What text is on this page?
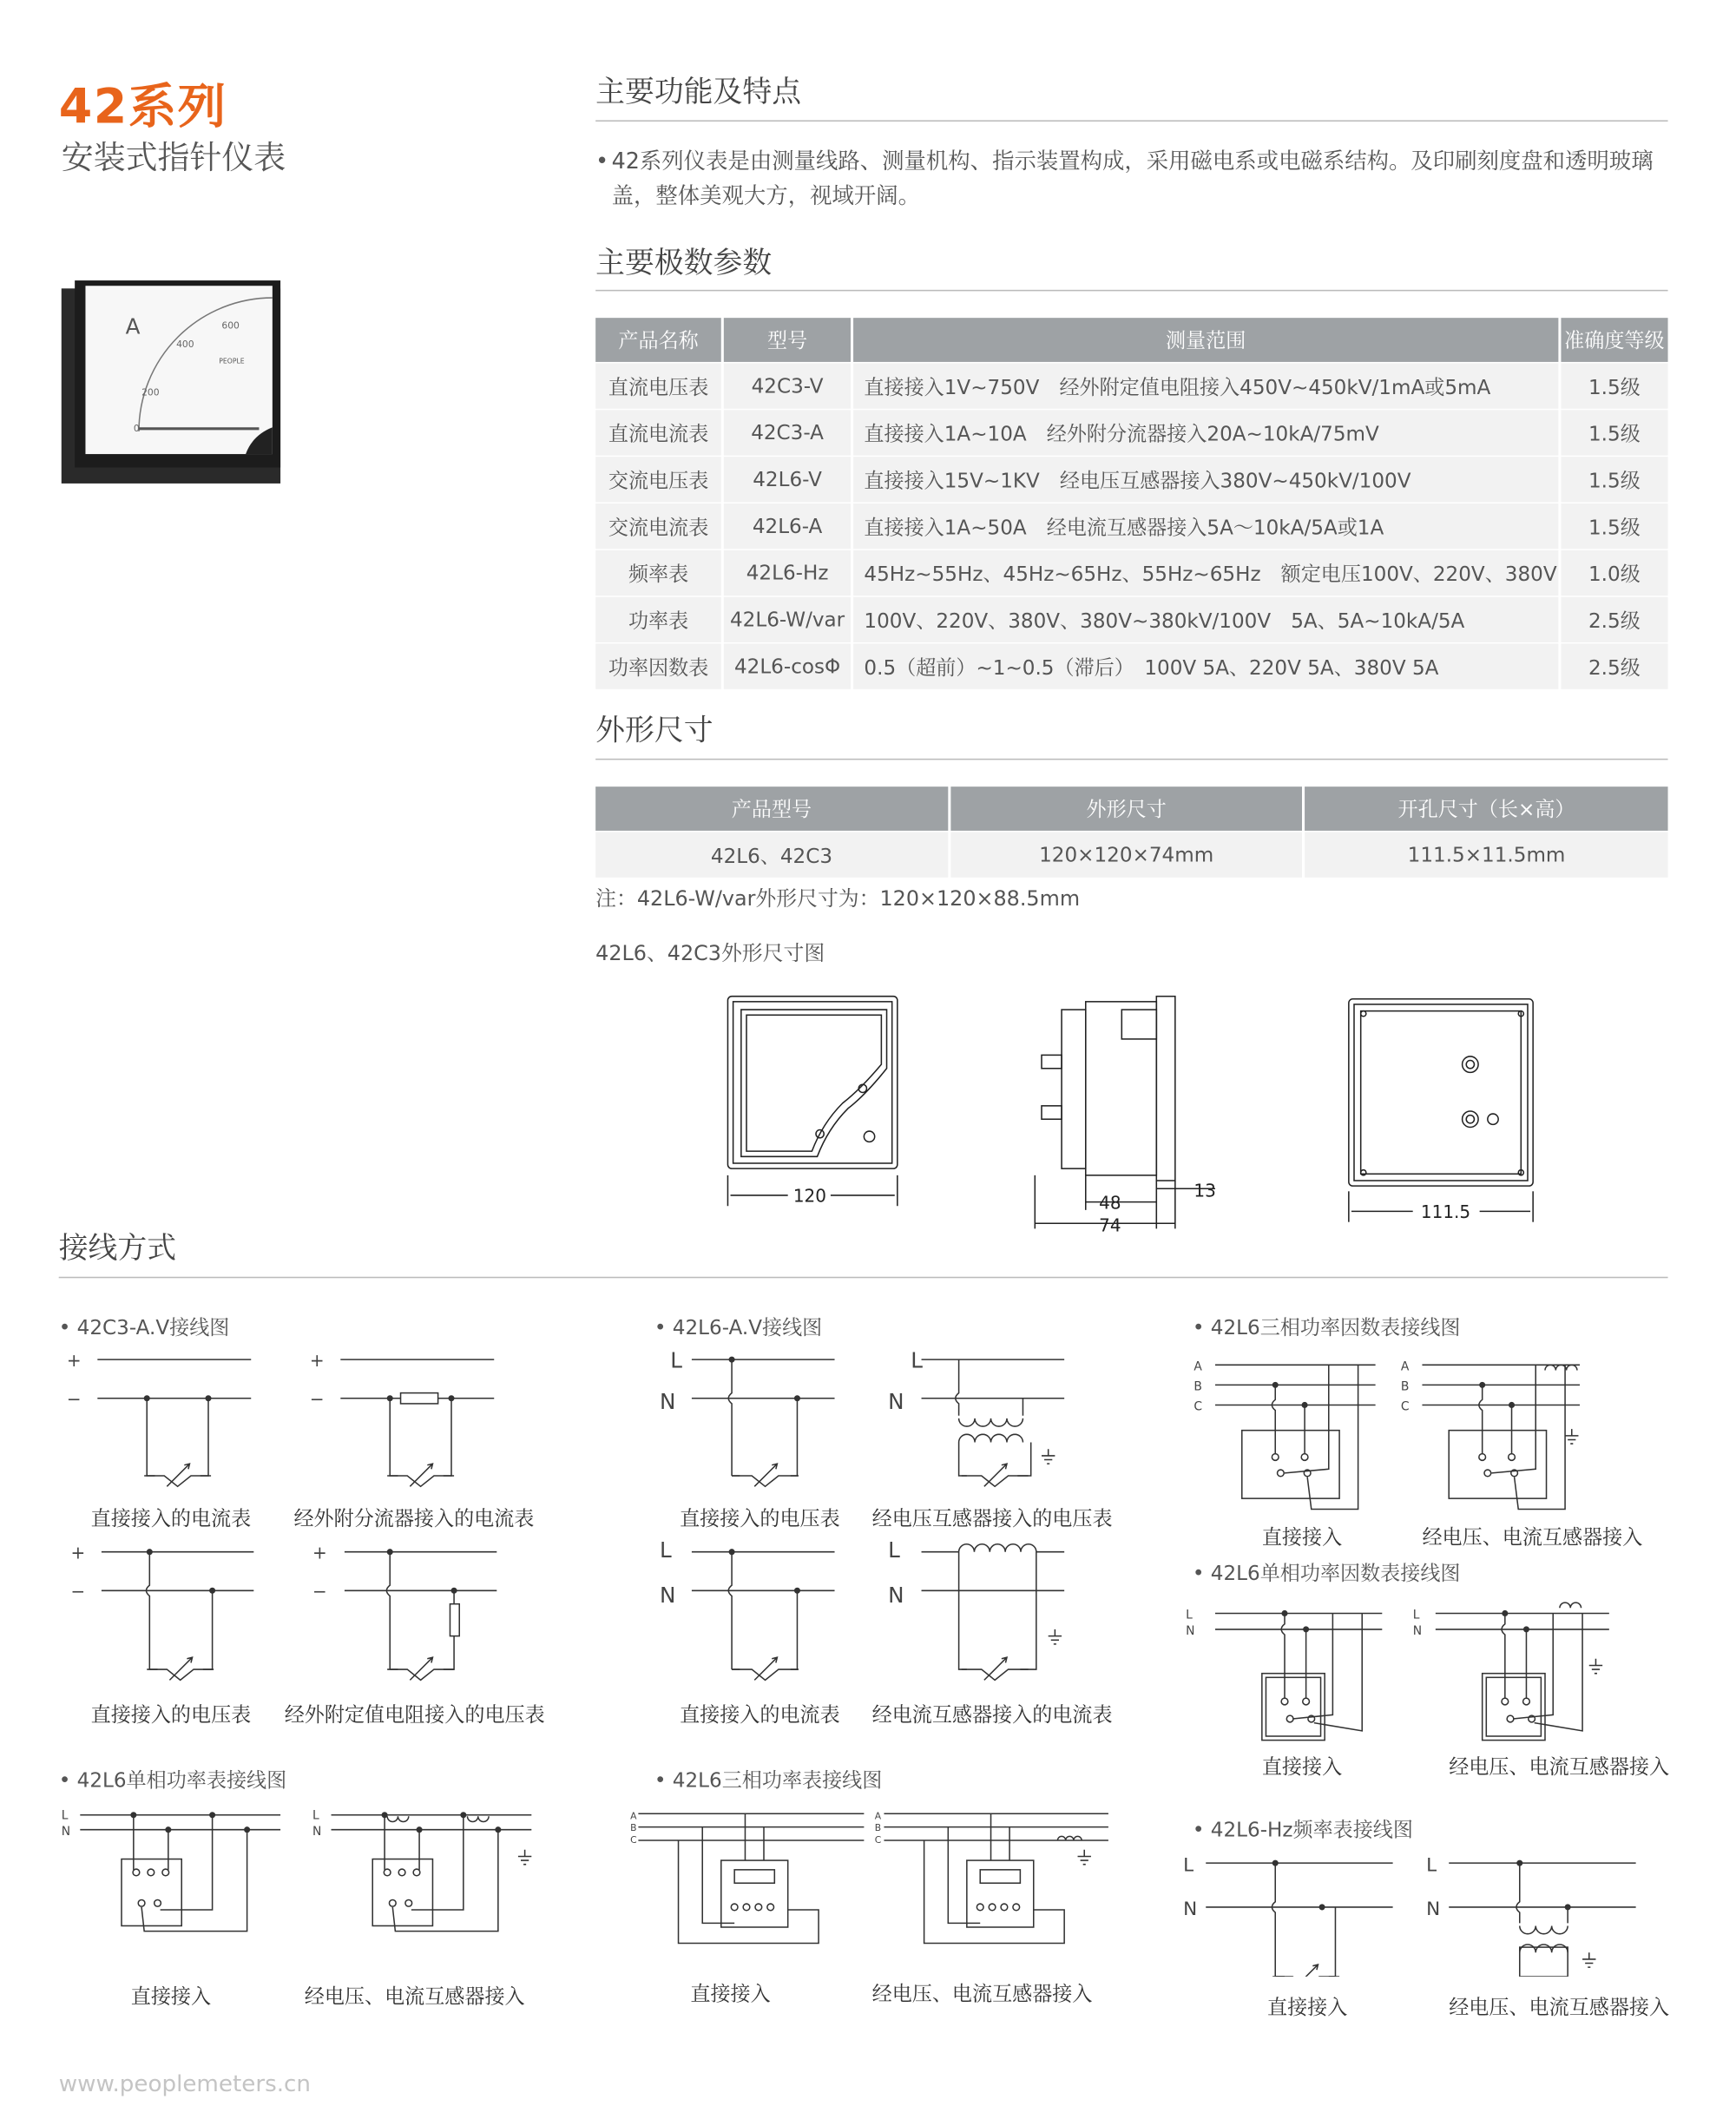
42系列
安装式指针仪表
A
0
200
400
600
PEOPLE
主要功能及特点
• 42系列仪表是由测量线路、测量机构、指示装置构成，采用磁电系或电磁系结构。及印刷刻度盘和透明玻璃盖，整体美观大方，视域开阔。
主要极数参数
产品名称	型号	测量范围	准确度等级
直流电压表	42C3-V	直接接入1V~750V　经外附定值电阻接入450V~450kV/1mA或5mA	1.5级
直流电流表	42C3-A	直接接入1A~10A　经外附分流器接入20A~10kA/75mV	1.5级
交流电压表	42L6-V	直接接入15V~1KV　经电压互感器接入380V~450kV/100V	1.5级
交流电流表	42L6-A	直接接入1A~50A　经电流互感器接入5A～10kA/5A或1A	1.5级
频率表	42L6-Hz	45Hz~55Hz、45Hz~65Hz、55Hz~65Hz　额定电压100V、220V、380V	1.0级
功率表	42L6-W/var	100V、220V、380V、380V~380kV/100V　5A、5A~10kA/5A	2.5级
功率因数表	42L6-cosΦ	0.5（超前）~1~0.5（滞后）　100V 5A、220V 5A、380V 5A	2.5级
外形尺寸
产品型号	外形尺寸	开孔尺寸（长×高）
42L6、42C3	120×120×74mm	111.5×11.5mm
注：42L6-W/var外形尺寸为：120×120×88.5mm
42L6、42C3外形尺寸图
120	48
74
13
111.5
接线方式
• 42C3-A.V接线图	• 42L6-A.V接线图	• 42L6三相功率因数表接线图
• 42L6单相功率因数表接线图
• 42L6单相功率表接线图	• 42L6三相功率表接线图
• 42L6-Hz频率表接线图
直接接入的电流表	经外附分流器接入的电流表
直接接入的电压表	经外附定值电阻接入的电压表
直接接入的电压表 经电压互感器接入的电压表
直接接入的电流表 经电流互感器接入的电流表
直接接入	经电压、电流互感器接入
直接接入	经电压、电流互感器接入
直接接入	经电压、电流互感器接入	直接接入	经电压、电流互感器接入
直接接入	经电压、电流互感器接入
+
−
+
−
+
−
+
−
L
N
L
N
L
N
L
N
A
B
C
A
B
C
L
N
L
N
L
N
L
N
A
B
C
A
B
C
L
N
L
N
www.peoplemeters.cn
